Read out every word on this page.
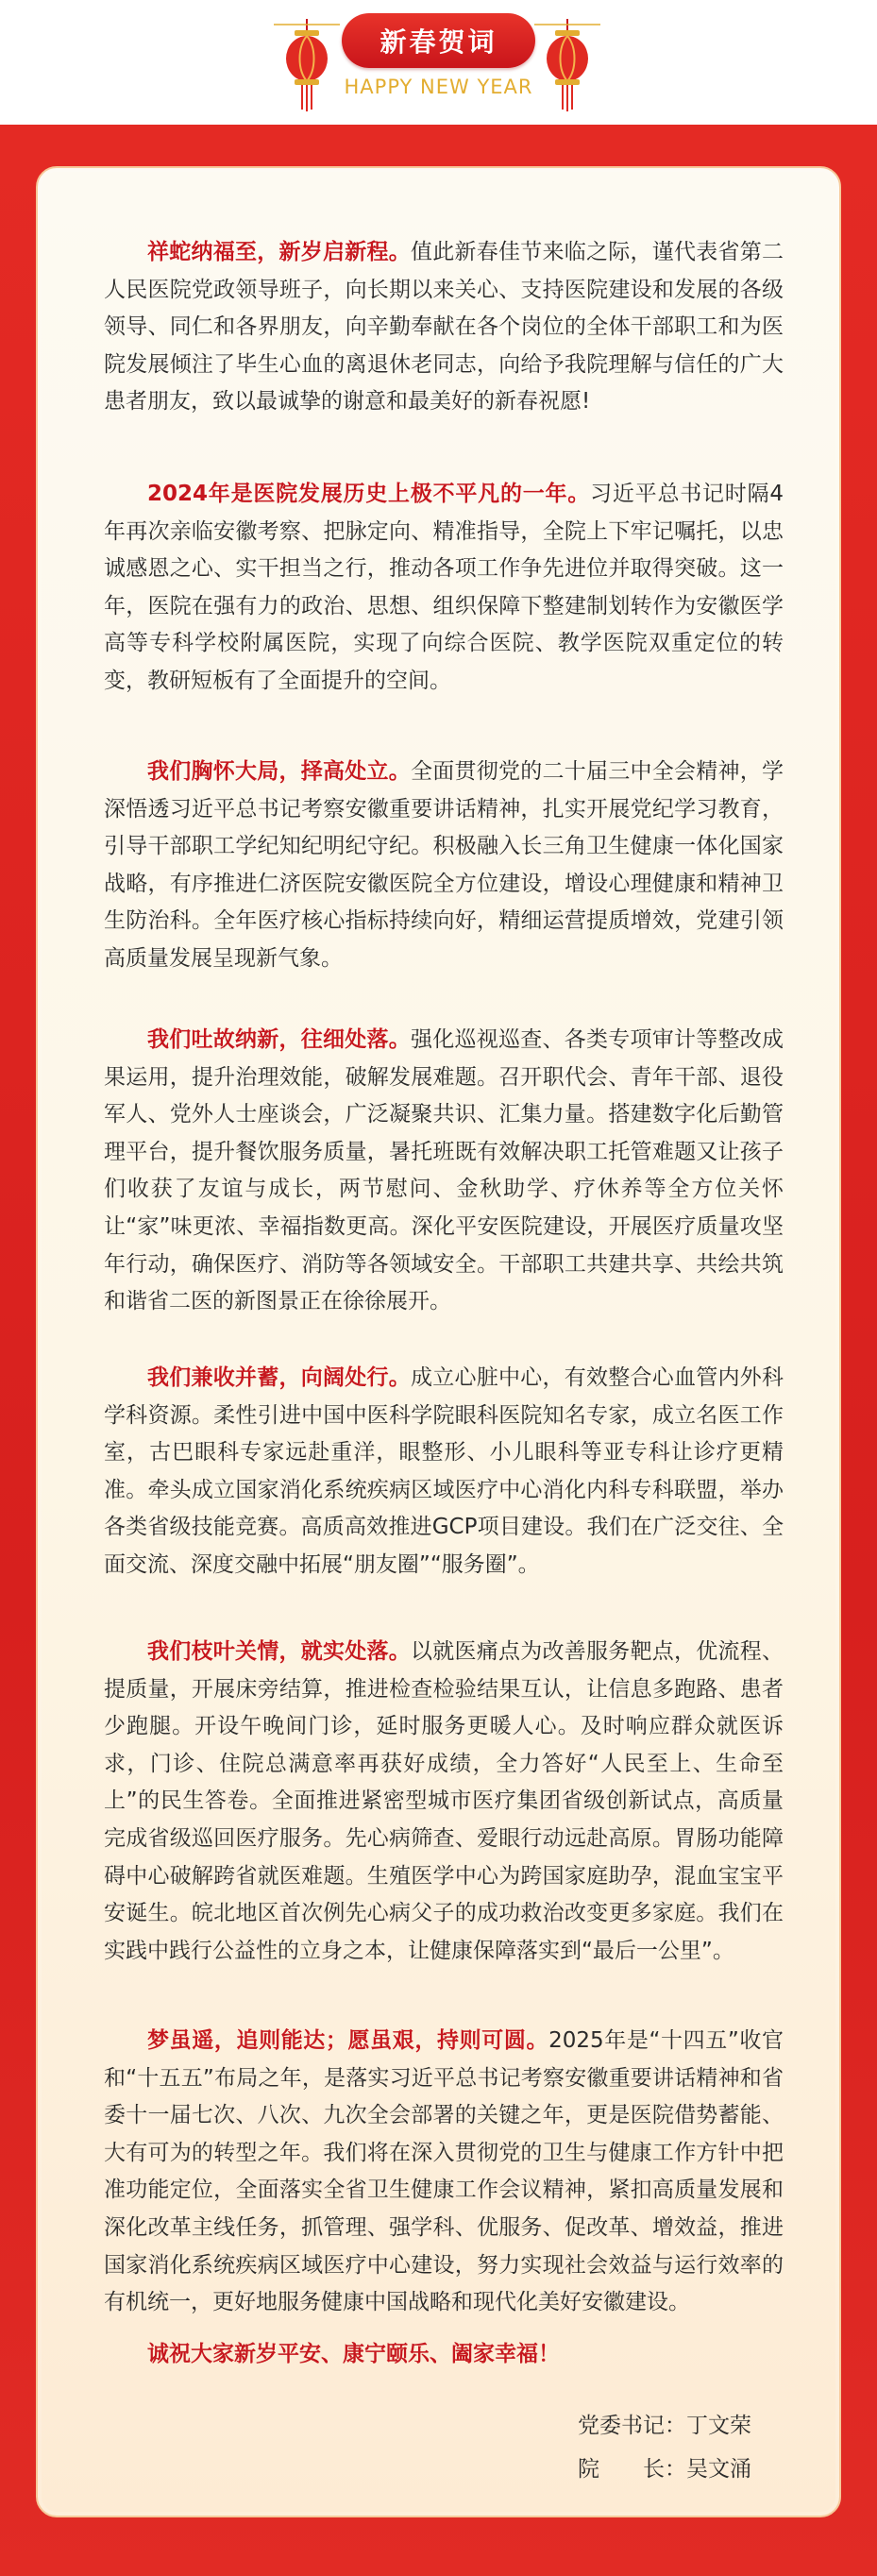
新春贺词
HAPPY NEW YEAR

祥蛇纳福至，新岁启新程。值此新春佳节来临之际，谨代表省第二人民医院党政领导班子，向长期以来关心、支持医院建设和发展的各级领导、同仁和各界朋友，向辛勤奉献在各个岗位的全体干部职工和为医院发展倾注了毕生心血的离退休老同志，向给予我院理解与信任的广大患者朋友，致以最诚挚的谢意和最美好的新春祝愿!

2024年是医院发展历史上极不平凡的一年。习近平总书记时隔4年再次亲临安徽考察、把脉定向、精准指导，全院上下牢记嘱托，以忠诚感恩之心、实干担当之行，推动各项工作争先进位并取得突破。这一年，医院在强有力的政治、思想、组织保障下整建制划转作为安徽医学高等专科学校附属医院，实现了向综合医院、教学医院双重定位的转变，教研短板有了全面提升的空间。

我们胸怀大局，择高处立。全面贯彻党的二十届三中全会精神，学深悟透习近平总书记考察安徽重要讲话精神，扎实开展党纪学习教育，引导干部职工学纪知纪明纪守纪。积极融入长三角卫生健康一体化国家战略，有序推进仁济医院安徽医院全方位建设，增设心理健康和精神卫生防治科。全年医疗核心指标持续向好，精细运营提质增效，党建引领高质量发展呈现新气象。

我们吐故纳新，往细处落。强化巡视巡查、各类专项审计等整改成果运用，提升治理效能，破解发展难题。召开职代会、青年干部、退役军人、党外人士座谈会，广泛凝聚共识、汇集力量。搭建数字化后勤管理平台，提升餐饮服务质量，暑托班既有效解决职工托管难题又让孩子们收获了友谊与成长，两节慰问、金秋助学、疗休养等全方位关怀让“家”味更浓、幸福指数更高。深化平安医院建设，开展医疗质量攻坚年行动，确保医疗、消防等各领域安全。干部职工共建共享、共绘共筑和谐省二医的新图景正在徐徐展开。

我们兼收并蓄，向阔处行。成立心脏中心，有效整合心血管内外科学科资源。柔性引进中国中医科学院眼科医院知名专家，成立名医工作室，古巴眼科专家远赴重洋，眼整形、小儿眼科等亚专科让诊疗更精准。牵头成立国家消化系统疾病区域医疗中心消化内科专科联盟，举办各类省级技能竞赛。高质高效推进GCP项目建设。我们在广泛交往、全面交流、深度交融中拓展“朋友圈”“服务圈”。

我们枝叶关情，就实处落。以就医痛点为改善服务靶点，优流程、提质量，开展床旁结算，推进检查检验结果互认，让信息多跑路、患者少跑腿。开设午晚间门诊，延时服务更暖人心。及时响应群众就医诉求，门诊、住院总满意率再获好成绩，全力答好“人民至上、生命至上”的民生答卷。全面推进紧密型城市医疗集团省级创新试点，高质量完成省级巡回医疗服务。先心病筛查、爱眼行动远赴高原。胃肠功能障碍中心破解跨省就医难题。生殖医学中心为跨国家庭助孕，混血宝宝平安诞生。皖北地区首次例先心病父子的成功救治改变更多家庭。我们在实践中践行公益性的立身之本，让健康保障落实到“最后一公里”。

梦虽遥，追则能达；愿虽艰，持则可圆。2025年是“十四五”收官和“十五五”布局之年，是落实习近平总书记考察安徽重要讲话精神和省委十一届七次、八次、九次全会部署的关键之年，更是医院借势蓄能、大有可为的转型之年。我们将在深入贯彻党的卫生与健康工作方针中把准功能定位，全面落实全省卫生健康工作会议精神，紧扣高质量发展和深化改革主线任务，抓管理、强学科、优服务、促改革、增效益，推进国家消化系统疾病区域医疗中心建设，努力实现社会效益与运行效率的有机统一，更好地服务健康中国战略和现代化美好安徽建设。

诚祝大家新岁平安、康宁颐乐、阖家幸福！

党委书记：丁文荣
院　　长：吴文涌
